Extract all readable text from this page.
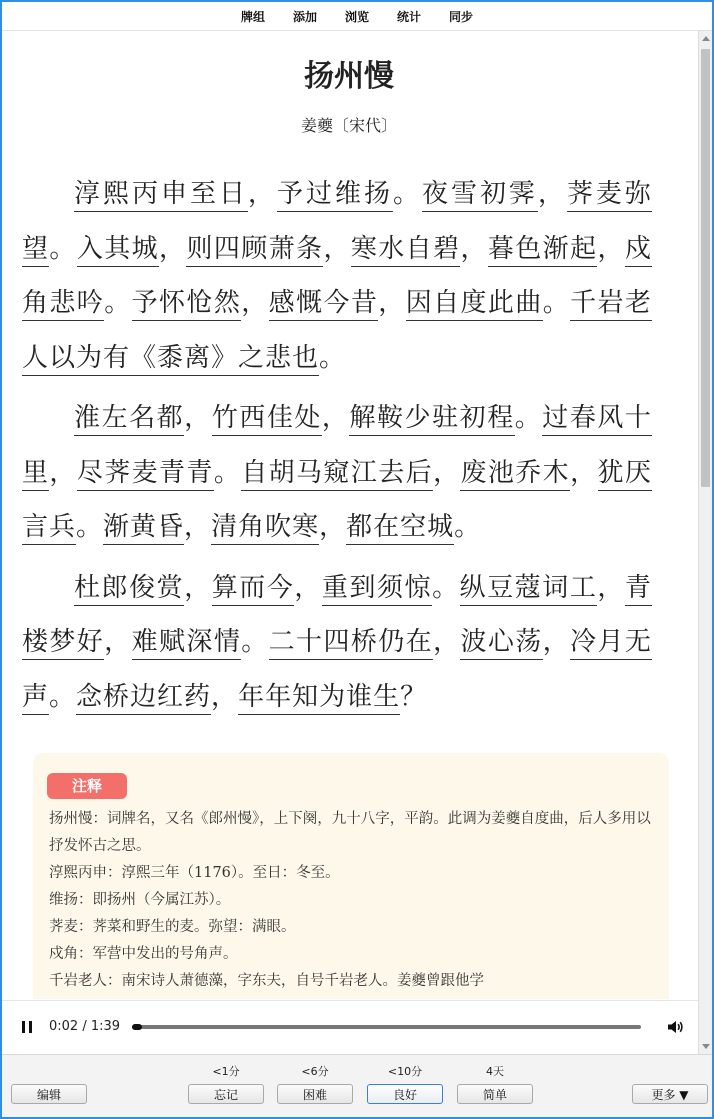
牌组 添加 浏览 统计 同步
扬州慢
姜夔〔宋代〕
淳熙丙申至日，予过维扬。夜雪初霁，荠麦弥望。入其城，则四顾萧条，寒水自碧，暮色渐起，戍角悲吟。予怀怆然，感慨今昔，因自度此曲。千岩老人以为有《黍离》之悲也。
淮左名都，竹西佳处，解鞍少驻初程。过春风十里，尽荠麦青青。自胡马窥江去后，废池乔木，犹厌言兵。渐黄昏，清角吹寒，都在空城。
杜郎俊赏，算而今，重到须惊。纵豆蔻词工，青楼梦好，难赋深情。二十四桥仍在，波心荡，冷月无声。念桥边红药，年年知为谁生？
注释
扬州慢：词牌名，又名《郎州慢》，上下阕，九十八字，平韵。此调为姜夔自度曲，后人多用以抒发怀古之思。
淳熙丙申：淳熙三年（1176）。至日：冬至。
维扬：即扬州（今属江苏）。
荠麦：荠菜和野生的麦。弥望：满眼。
戍角：军营中发出的号角声。
千岩老人：南宋诗人萧德藻，字东夫，自号千岩老人。姜夔曾跟他学
0:02 / 1:39
编辑
<1分	<6分	<10分	4天
忘记	困难	良好	简单	更多 ▼
